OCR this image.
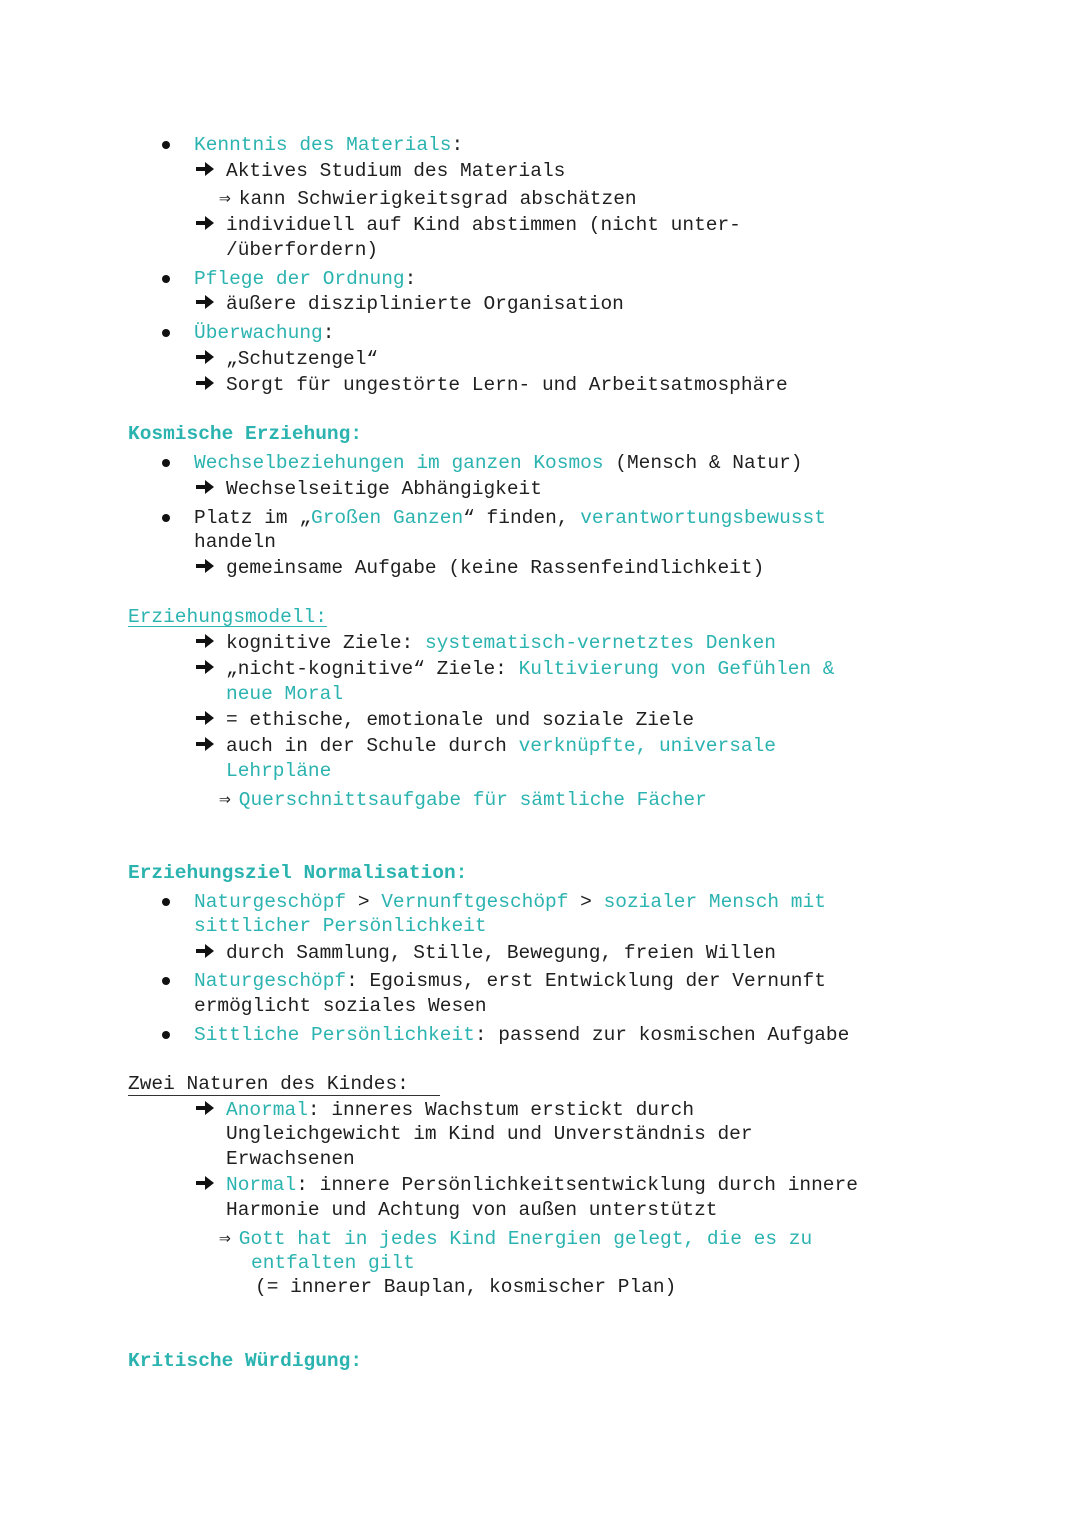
Kenntnis des Materials:
Aktives Studium des Materials
⇒ kann Schwierigkeitsgrad abschätzen
individuell auf Kind abstimmen (nicht unter-
/überfordern)
Pflege der Ordnung:
äußere disziplinierte Organisation
Überwachung:
„Schutzengel“
Sorgt für ungestörte Lern- und Arbeitsatmosphäre
Kosmische Erziehung:
Wechselbeziehungen im ganzen Kosmos (Mensch & Natur)
Wechselseitige Abhängigkeit
Platz im „Großen Ganzen“ finden, verantwortungsbewusst
handeln
gemeinsame Aufgabe (keine Rassenfeindlichkeit)
Erziehungsmodell:
kognitive Ziele: systematisch-vernetztes Denken
„nicht-kognitive“ Ziele: Kultivierung von Gefühlen &
neue Moral
= ethische, emotionale und soziale Ziele
auch in der Schule durch verknüpfte, universale
Lehrpläne
⇒ Querschnittsaufgabe für sämtliche Fächer
Erziehungsziel Normalisation:
Naturgeschöpf > Vernunftgeschöpf > sozialer Mensch mit
sittlicher Persönlichkeit
durch Sammlung, Stille, Bewegung, freien Willen
Naturgeschöpf: Egoismus, erst Entwicklung der Vernunft
ermöglicht soziales Wesen
Sittliche Persönlichkeit: passend zur kosmischen Aufgabe
Zwei Naturen des Kindes:
Anormal: inneres Wachstum erstickt durch
Ungleichgewicht im Kind und Unverständnis der
Erwachsenen
Normal: innere Persönlichkeitsentwicklung durch innere
Harmonie und Achtung von außen unterstützt
⇒ Gott hat in jedes Kind Energien gelegt, die es zu
entfalten gilt
(= innerer Bauplan, kosmischer Plan)
Kritische Würdigung:
